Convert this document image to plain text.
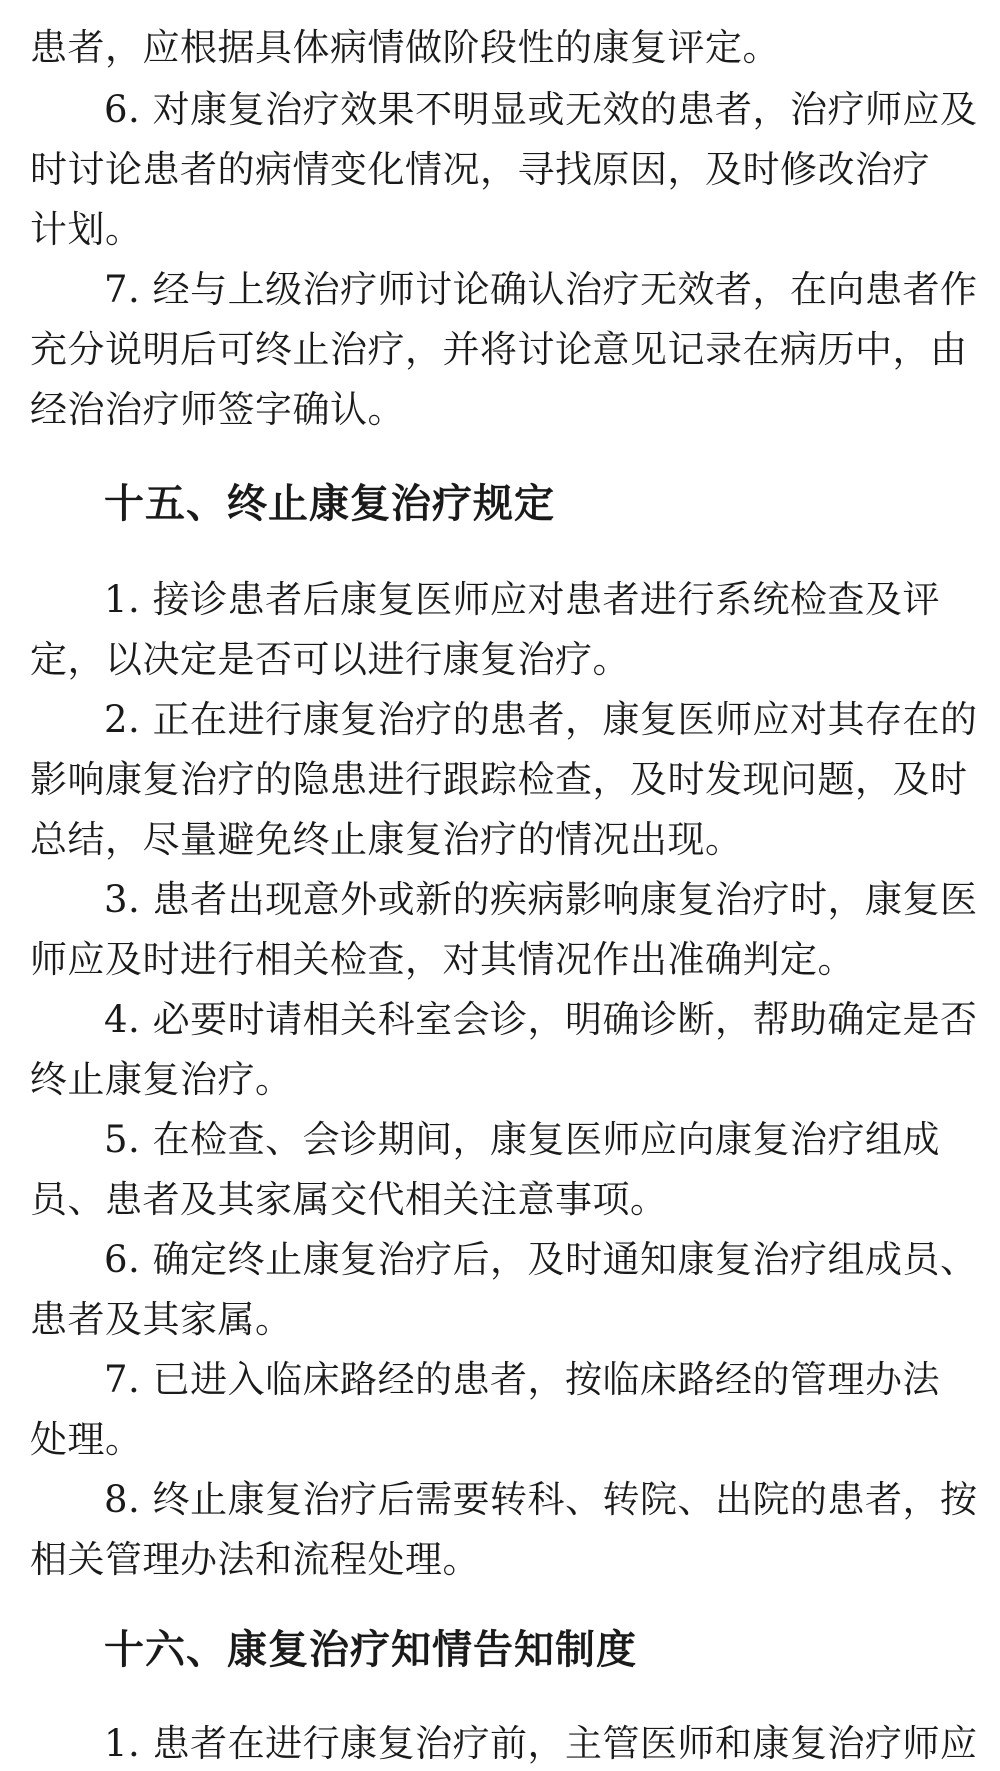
患者，应根据具体病情做阶段性的康复评定。
6. 对康复治疗效果不明显或无效的患者，治疗师应及
时讨论患者的病情变化情况，寻找原因，及时修改治疗
计划。
7. 经与上级治疗师讨论确认治疗无效者，在向患者作
充分说明后可终止治疗，并将讨论意见记录在病历中，由
经治治疗师签字确认。
十五、终止康复治疗规定
1. 接诊患者后康复医师应对患者进行系统检查及评
定，以决定是否可以进行康复治疗。
2. 正在进行康复治疗的患者，康复医师应对其存在的
影响康复治疗的隐患进行跟踪检查，及时发现问题，及时
总结，尽量避免终止康复治疗的情况出现。
3. 患者出现意外或新的疾病影响康复治疗时，康复医
师应及时进行相关检查，对其情况作出准确判定。
4. 必要时请相关科室会诊，明确诊断，帮助确定是否
终止康复治疗。
5. 在检查、会诊期间，康复医师应向康复治疗组成
员、患者及其家属交代相关注意事项。
6. 确定终止康复治疗后，及时通知康复治疗组成员、
患者及其家属。
7. 已进入临床路经的患者，按临床路经的管理办法
处理。
8. 终止康复治疗后需要转科、转院、出院的患者，按
相关管理办法和流程处理。
十六、康复治疗知情告知制度
1. 患者在进行康复治疗前，主管医师和康复治疗师应
